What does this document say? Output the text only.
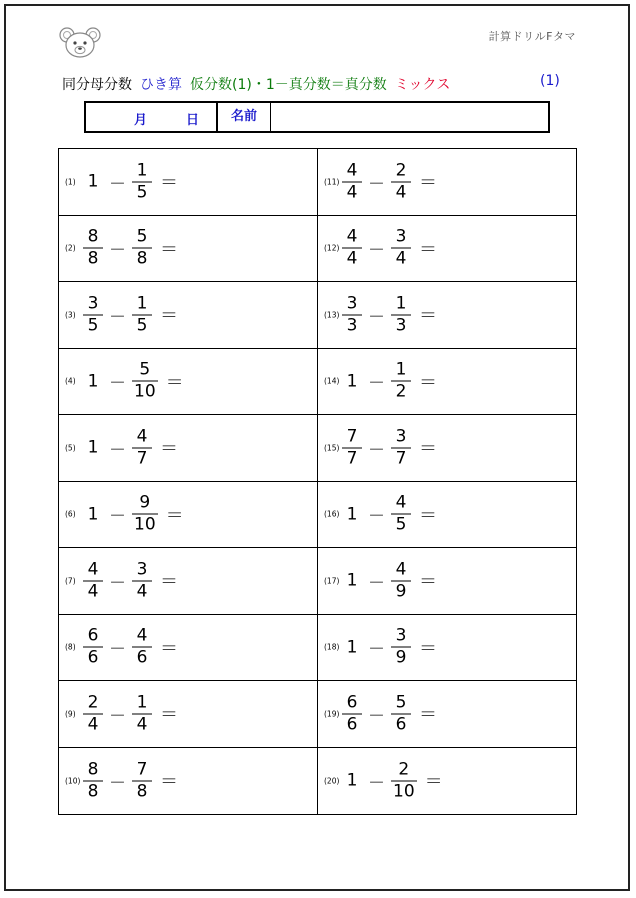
計算ドリルFタマ
同分母分数 ひき算 仮分数(1)・1－真分数＝真分数 ミックス	(1)
月	日	名前
(1) $1 - \frac{1}{5}$ ＝	$(11) \frac{4}{4} - \frac{2}{4}$ ＝
$(2) \frac{8}{8} - \frac{5}{8}$ ＝	$(12) \frac{4}{4} - \frac{3}{4}$ ＝
$(3) \frac{3}{5} - \frac{1}{5}$ ＝	$(13) \frac{3}{3} - \frac{1}{3}$ ＝
(4) $1 - \frac{5}{10}$ ＝	(14) $1 - \frac{1}{2}$ ＝
(5) $1 - \frac{4}{7}$ ＝	$(15) \frac{7}{7} - \frac{3}{7}$ ＝
(6) $1 - \frac{9}{10}$ ＝	(16) $1 - \frac{4}{5}$ ＝
$(7) \frac{4}{4} - \frac{3}{4}$ ＝	(17) $1 - \frac{4}{9}$ ＝
$(8) \frac{6}{6} - \frac{4}{6}$ ＝	(18) $1 - \frac{3}{9}$ ＝
$(9) \frac{2}{4} - \frac{1}{4}$ ＝	$(19) \frac{6}{6} - \frac{5}{6}$ ＝
$(10) \frac{8}{8} - \frac{7}{8}$ ＝	(20) $1 - \frac{2}{10}$ ＝
